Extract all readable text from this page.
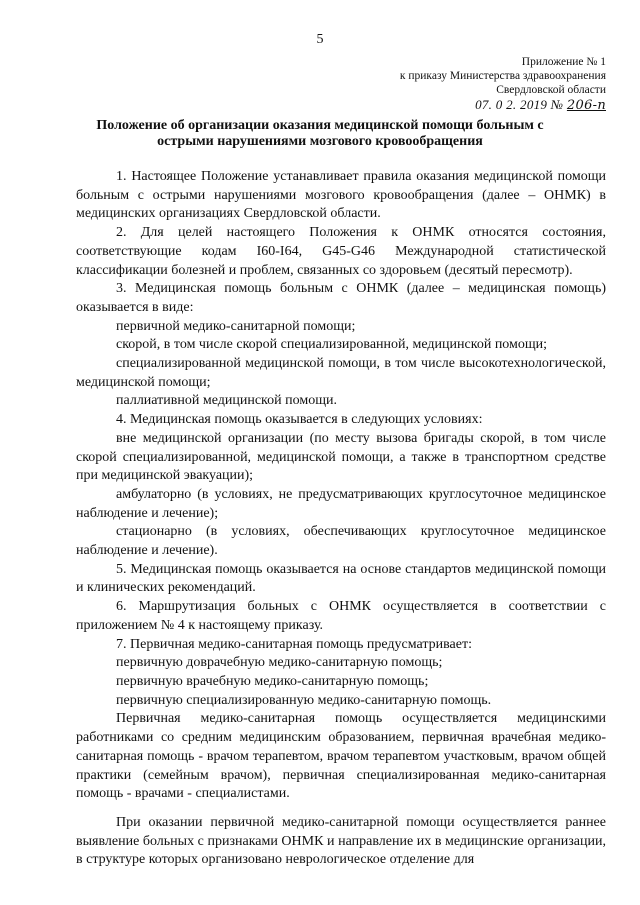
5
Приложение № 1
к приказу Министерства здравоохранения
Свердловской области
07. 0 2. 2019 № 206-п
Положение об организации оказания медицинской помощи больным с острыми нарушениями мозгового кровообращения

1. Настоящее Положение устанавливает правила оказания медицинской помощи больным с острыми нарушениями мозгового кровообращения (далее – ОНМК) в медицинских организациях Свердловской области.

2. Для целей настоящего Положения к ОНМК относятся состояния, соответствующие кодам I60-I64, G45-G46 Международной статистической классификации болезней и проблем, связанных со здоровьем (десятый пересмотр).

3. Медицинская помощь больным с ОНМК (далее – медицинская помощь) оказывается в виде:

первичной медико-санитарной помощи;

скорой, в том числе скорой специализированной, медицинской помощи;

специализированной медицинской помощи, в том числе высокотехнологической, медицинской помощи;

паллиативной медицинской помощи.

4. Медицинская помощь оказывается в следующих условиях:

вне медицинской организации (по месту вызова бригады скорой, в том числе скорой специализированной, медицинской помощи, а также в транспортном средстве при медицинской эвакуации);

амбулаторно (в условиях, не предусматривающих круглосуточное медицинское наблюдение и лечение);

стационарно (в условиях, обеспечивающих круглосуточное медицинское наблюдение и лечение).

5. Медицинская помощь оказывается на основе стандартов медицинской помощи и клинических рекомендаций.

6. Маршрутизация больных с ОНМК осуществляется в соответствии с приложением № 4 к настоящему приказу.

7. Первичная медико-санитарная помощь предусматривает:

первичную доврачебную медико-санитарную помощь;

первичную врачебную медико-санитарную помощь;

первичную специализированную медико-санитарную помощь.

Первичная медико-санитарная помощь осуществляется медицинскими работниками со средним медицинским образованием, первичная врачебная медико-санитарная помощь - врачом терапевтом, врачом терапевтом участковым, врачом общей практики (семейным врачом), первичная специализированная медико-санитарная помощь - врачами - специалистами.

При оказании первичной медико-санитарной помощи осуществляется раннее выявление больных с признаками ОНМК и направление их в медицинские организации, в структуре которых организовано неврологическое отделение для
